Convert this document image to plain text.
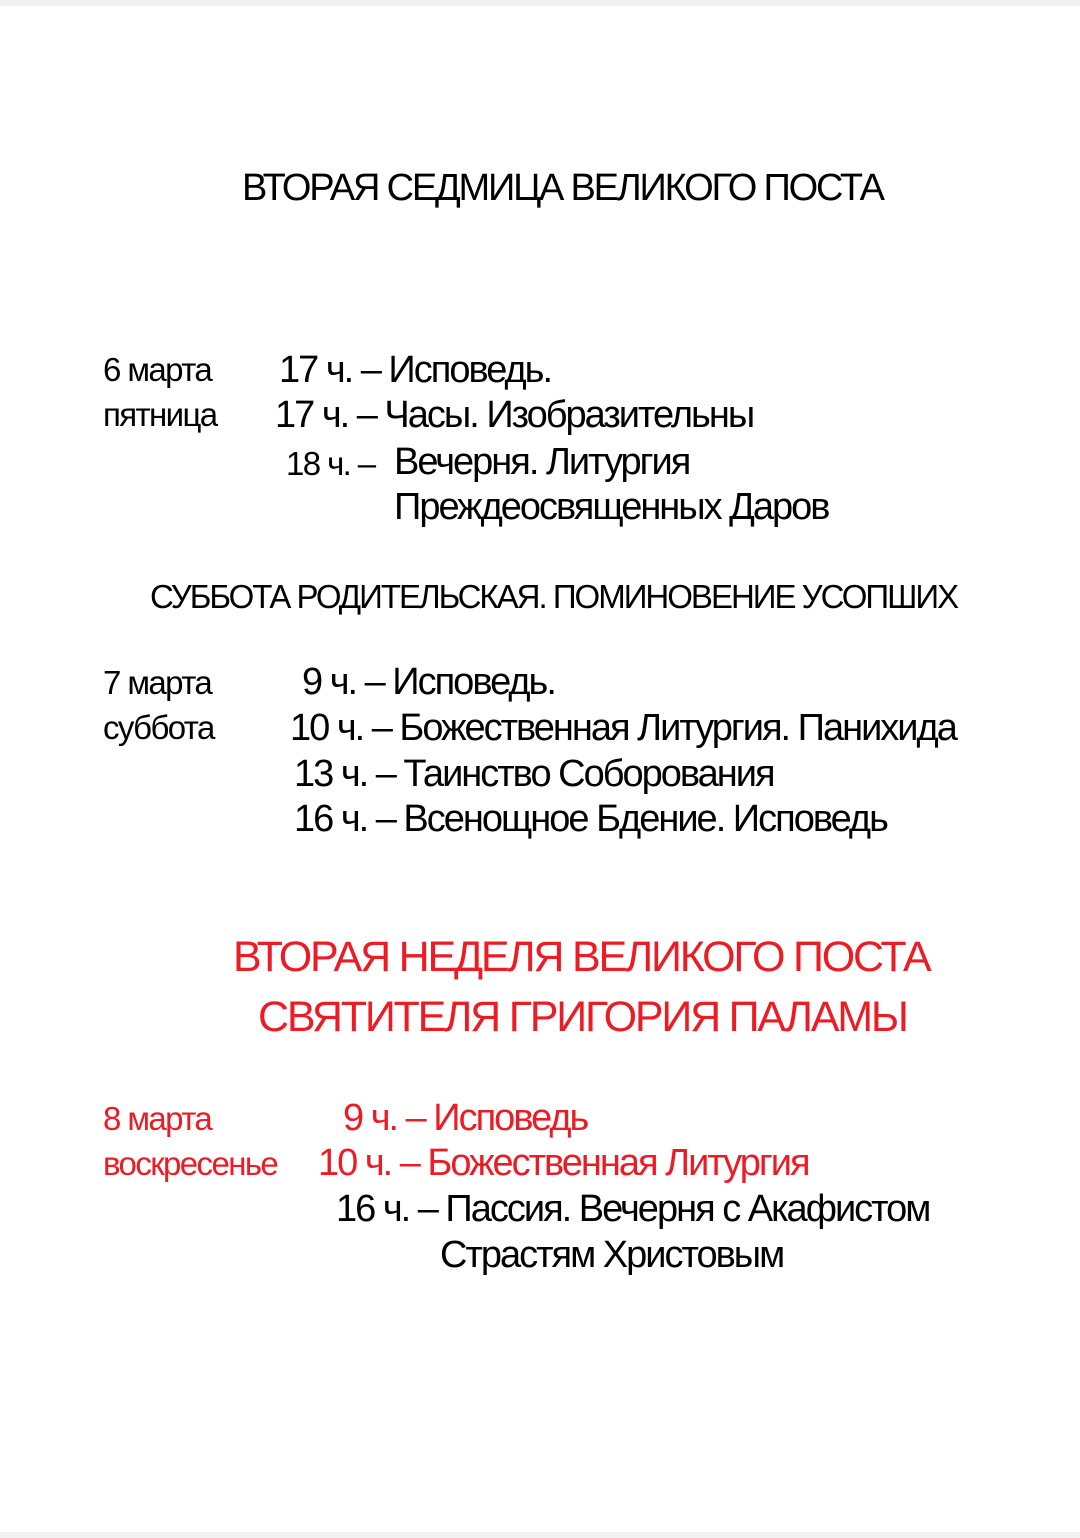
ВТОРАЯ СЕДМИЦА ВЕЛИКОГО ПОСТА
6 марта
пятница
17 ч. – Исповедь.
17 ч. – Часы. Изобразительны
18 ч. – Вечерня. Литургия
Преждеосвященных Даров
СУББОТА РОДИТЕЛЬСКАЯ. ПОМИНОВЕНИЕ УСОПШИХ
7 марта
суббота
9 ч. – Исповедь.
10 ч. – Божественная Литургия. Панихида
13 ч. – Таинство Соборования
16 ч. – Всенощное Бдение. Исповедь
ВТОРАЯ НЕДЕЛЯ ВЕЛИКОГО ПОСТА
СВЯТИТЕЛЯ ГРИГОРИЯ ПАЛАМЫ
8 марта
воскресенье
9 ч. – Исповедь
10 ч. – Божественная Литургия
16 ч. – Пассия. Вечерня с Акафистом
Страстям Христовым
